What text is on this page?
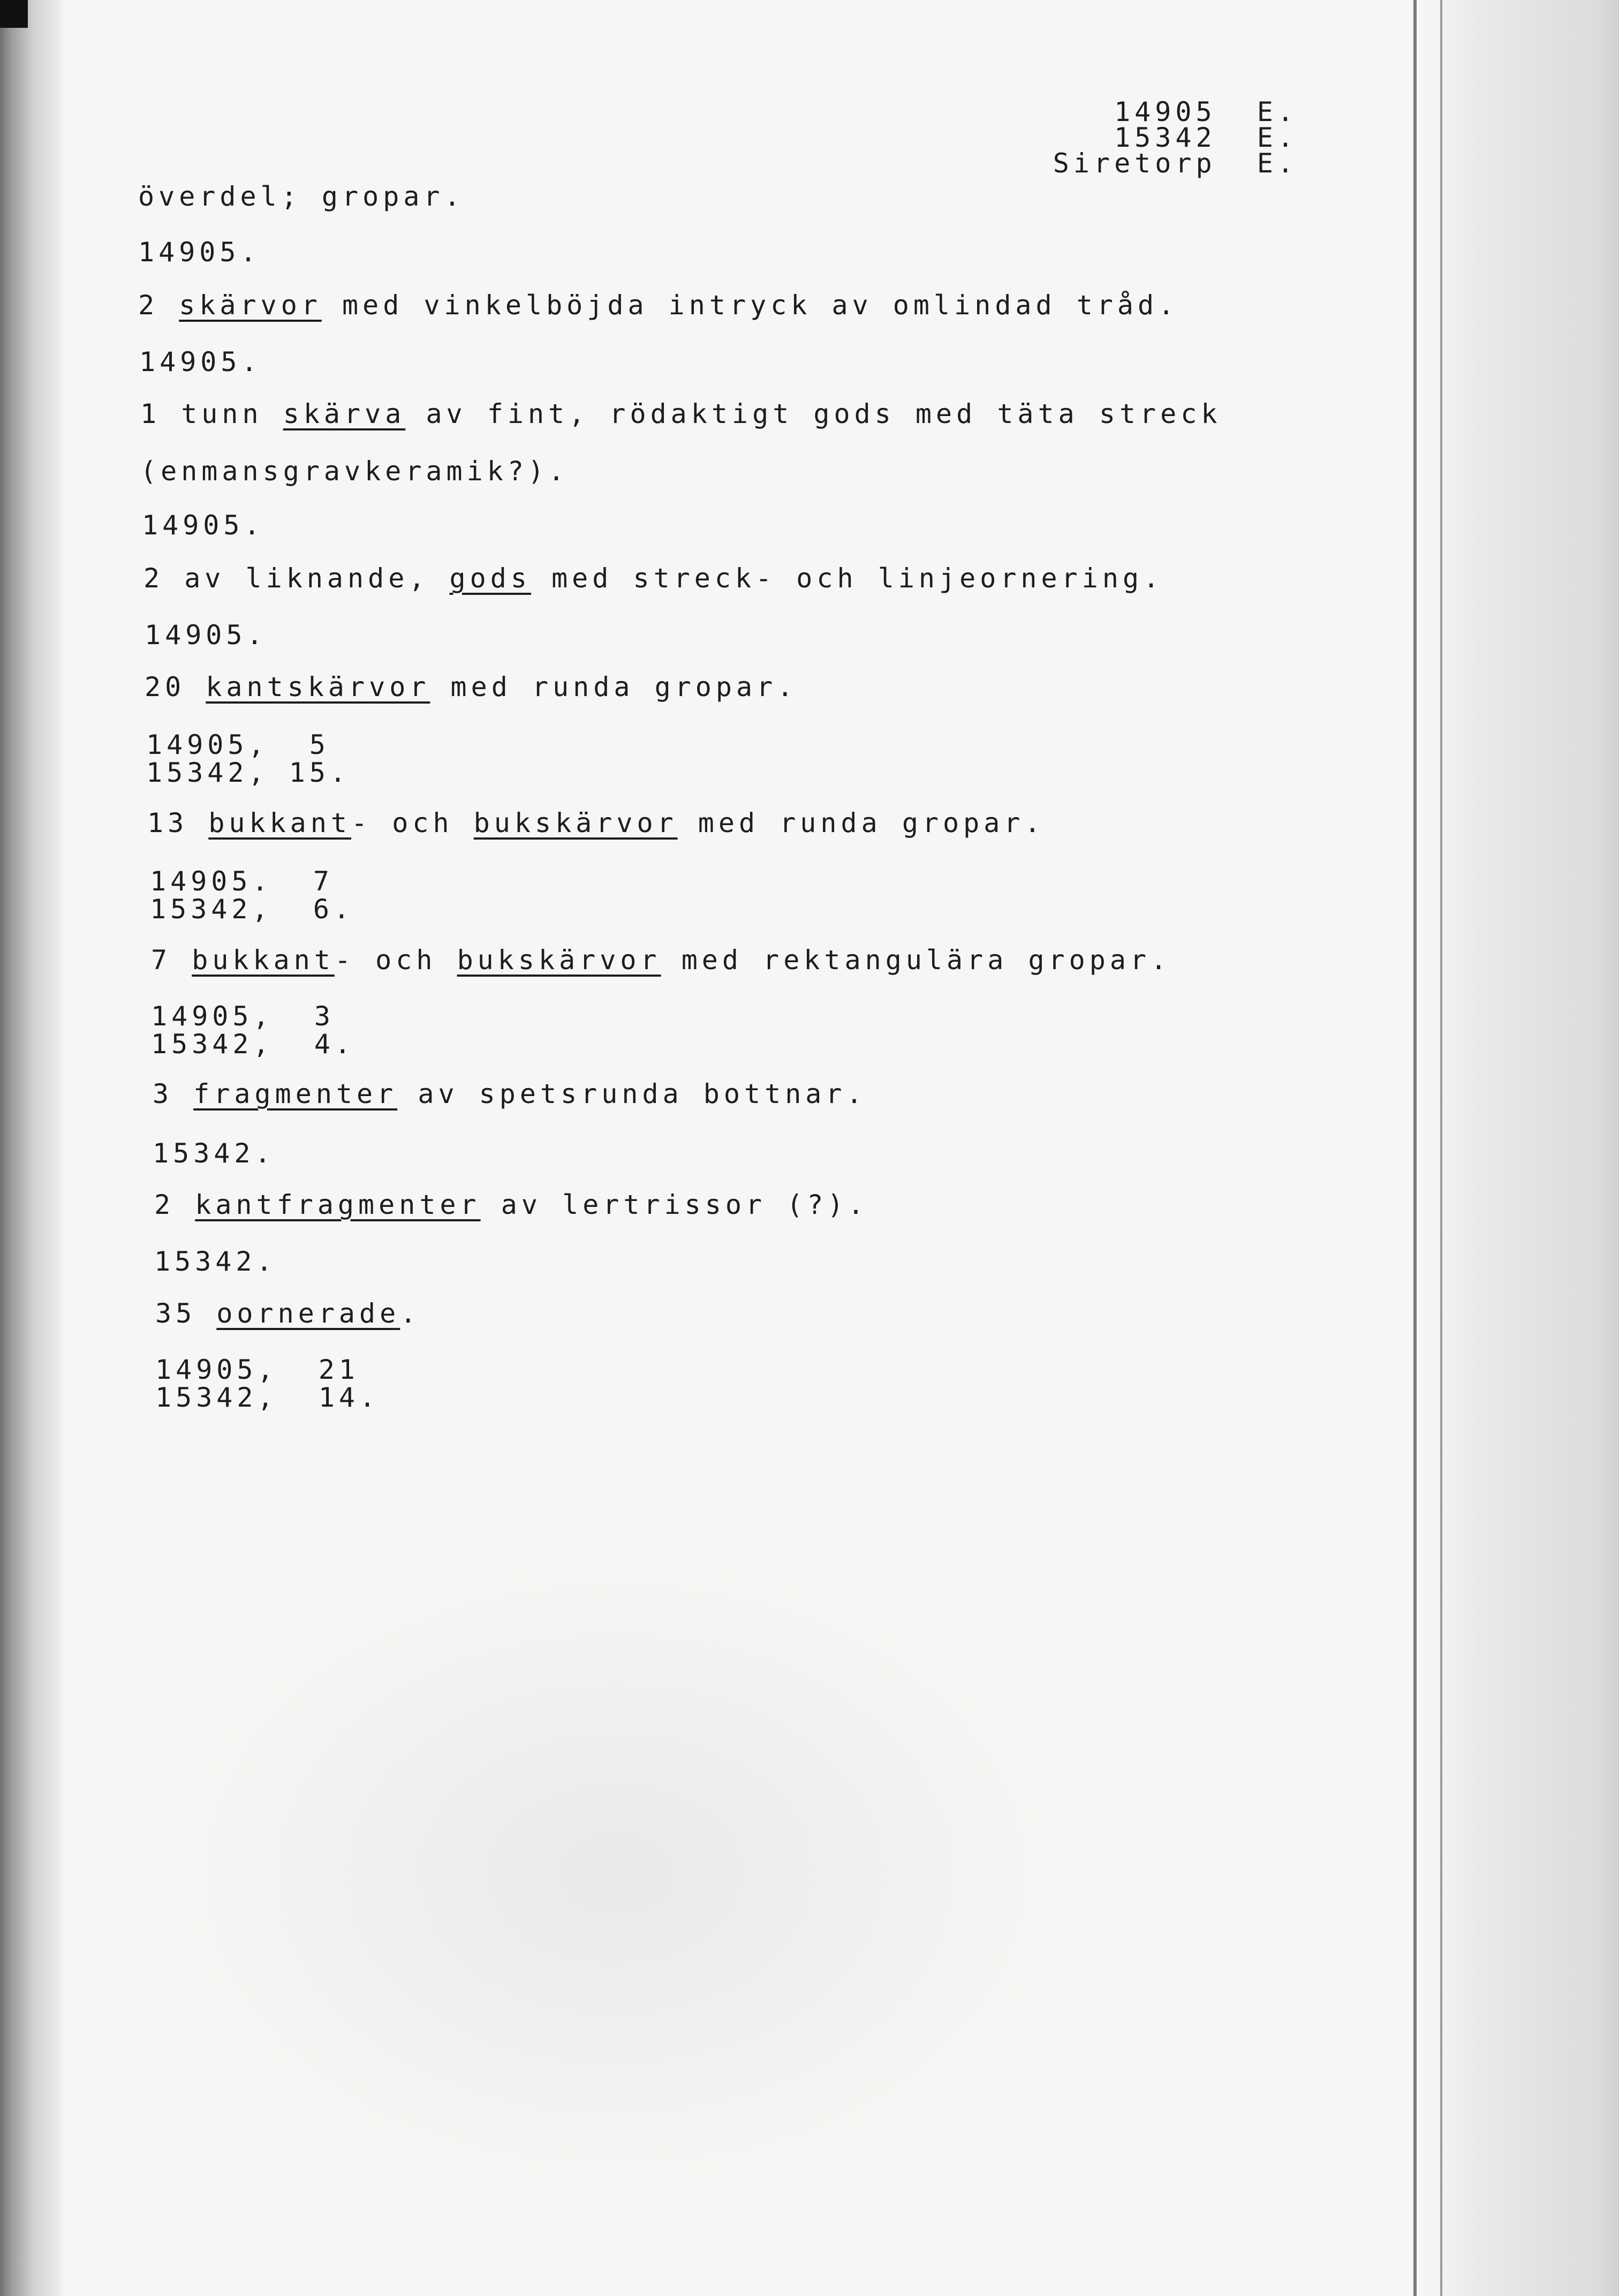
14905  E.
15342  E.
Siretorp  E.
överdel; gropar.
14905.
2 skärvor med vinkelböjda intryck av omlindad tråd.
14905.
1 tunn skärva av fint, rödaktigt gods med täta streck
(enmansgravkeramik?).
14905.
2 av liknande, gods med streck- och linjeornering.
14905.
20 kantskärvor med runda gropar.
14905,  5
15342, 15.
13 bukkant- och bukskärvor med runda gropar.
14905.  7
15342,  6.
7 bukkant- och bukskärvor med rektangulära gropar.
14905,  3
15342,  4.
3 fragmenter av spetsrunda bottnar.
15342.
2 kantfragmenter av lertrissor (?).
15342.
35 oornerade.
14905,  21
15342,  14.
